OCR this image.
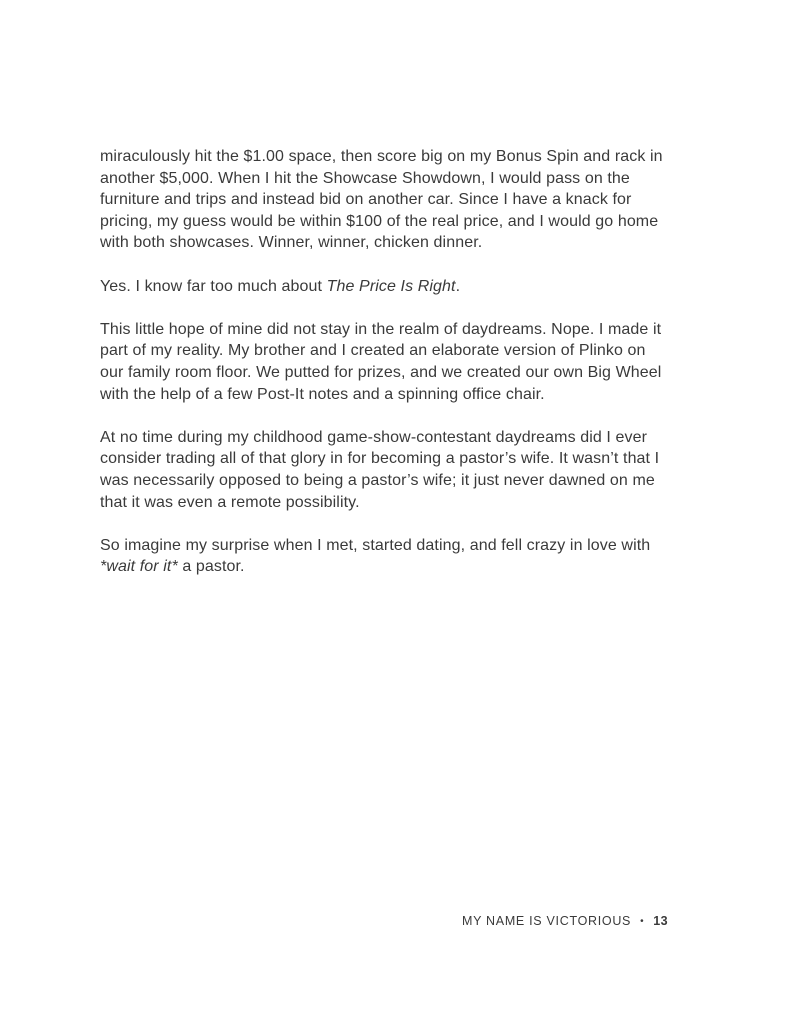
miraculously hit the $1.00 space, then score big on my Bonus Spin and rack in another $5,000. When I hit the Showcase Showdown, I would pass on the furniture and trips and instead bid on another car. Since I have a knack for pricing, my guess would be within $100 of the real price, and I would go home with both showcases. Winner, winner, chicken dinner.

Yes. I know far too much about The Price Is Right.

This little hope of mine did not stay in the realm of daydreams. Nope. I made it part of my reality. My brother and I created an elaborate version of Plinko on our family room floor. We putted for prizes, and we created our own Big Wheel with the help of a few Post-It notes and a spinning office chair.

At no time during my childhood game-show-contestant daydreams did I ever consider trading all of that glory in for becoming a pastor’s wife. It wasn’t that I was necessarily opposed to being a pastor’s wife; it just never dawned on me that it was even a remote possibility.

So imagine my surprise when I met, started dating, and fell crazy in love with *wait for it* a pastor.

MY NAME IS VICTORIOUS • 13
